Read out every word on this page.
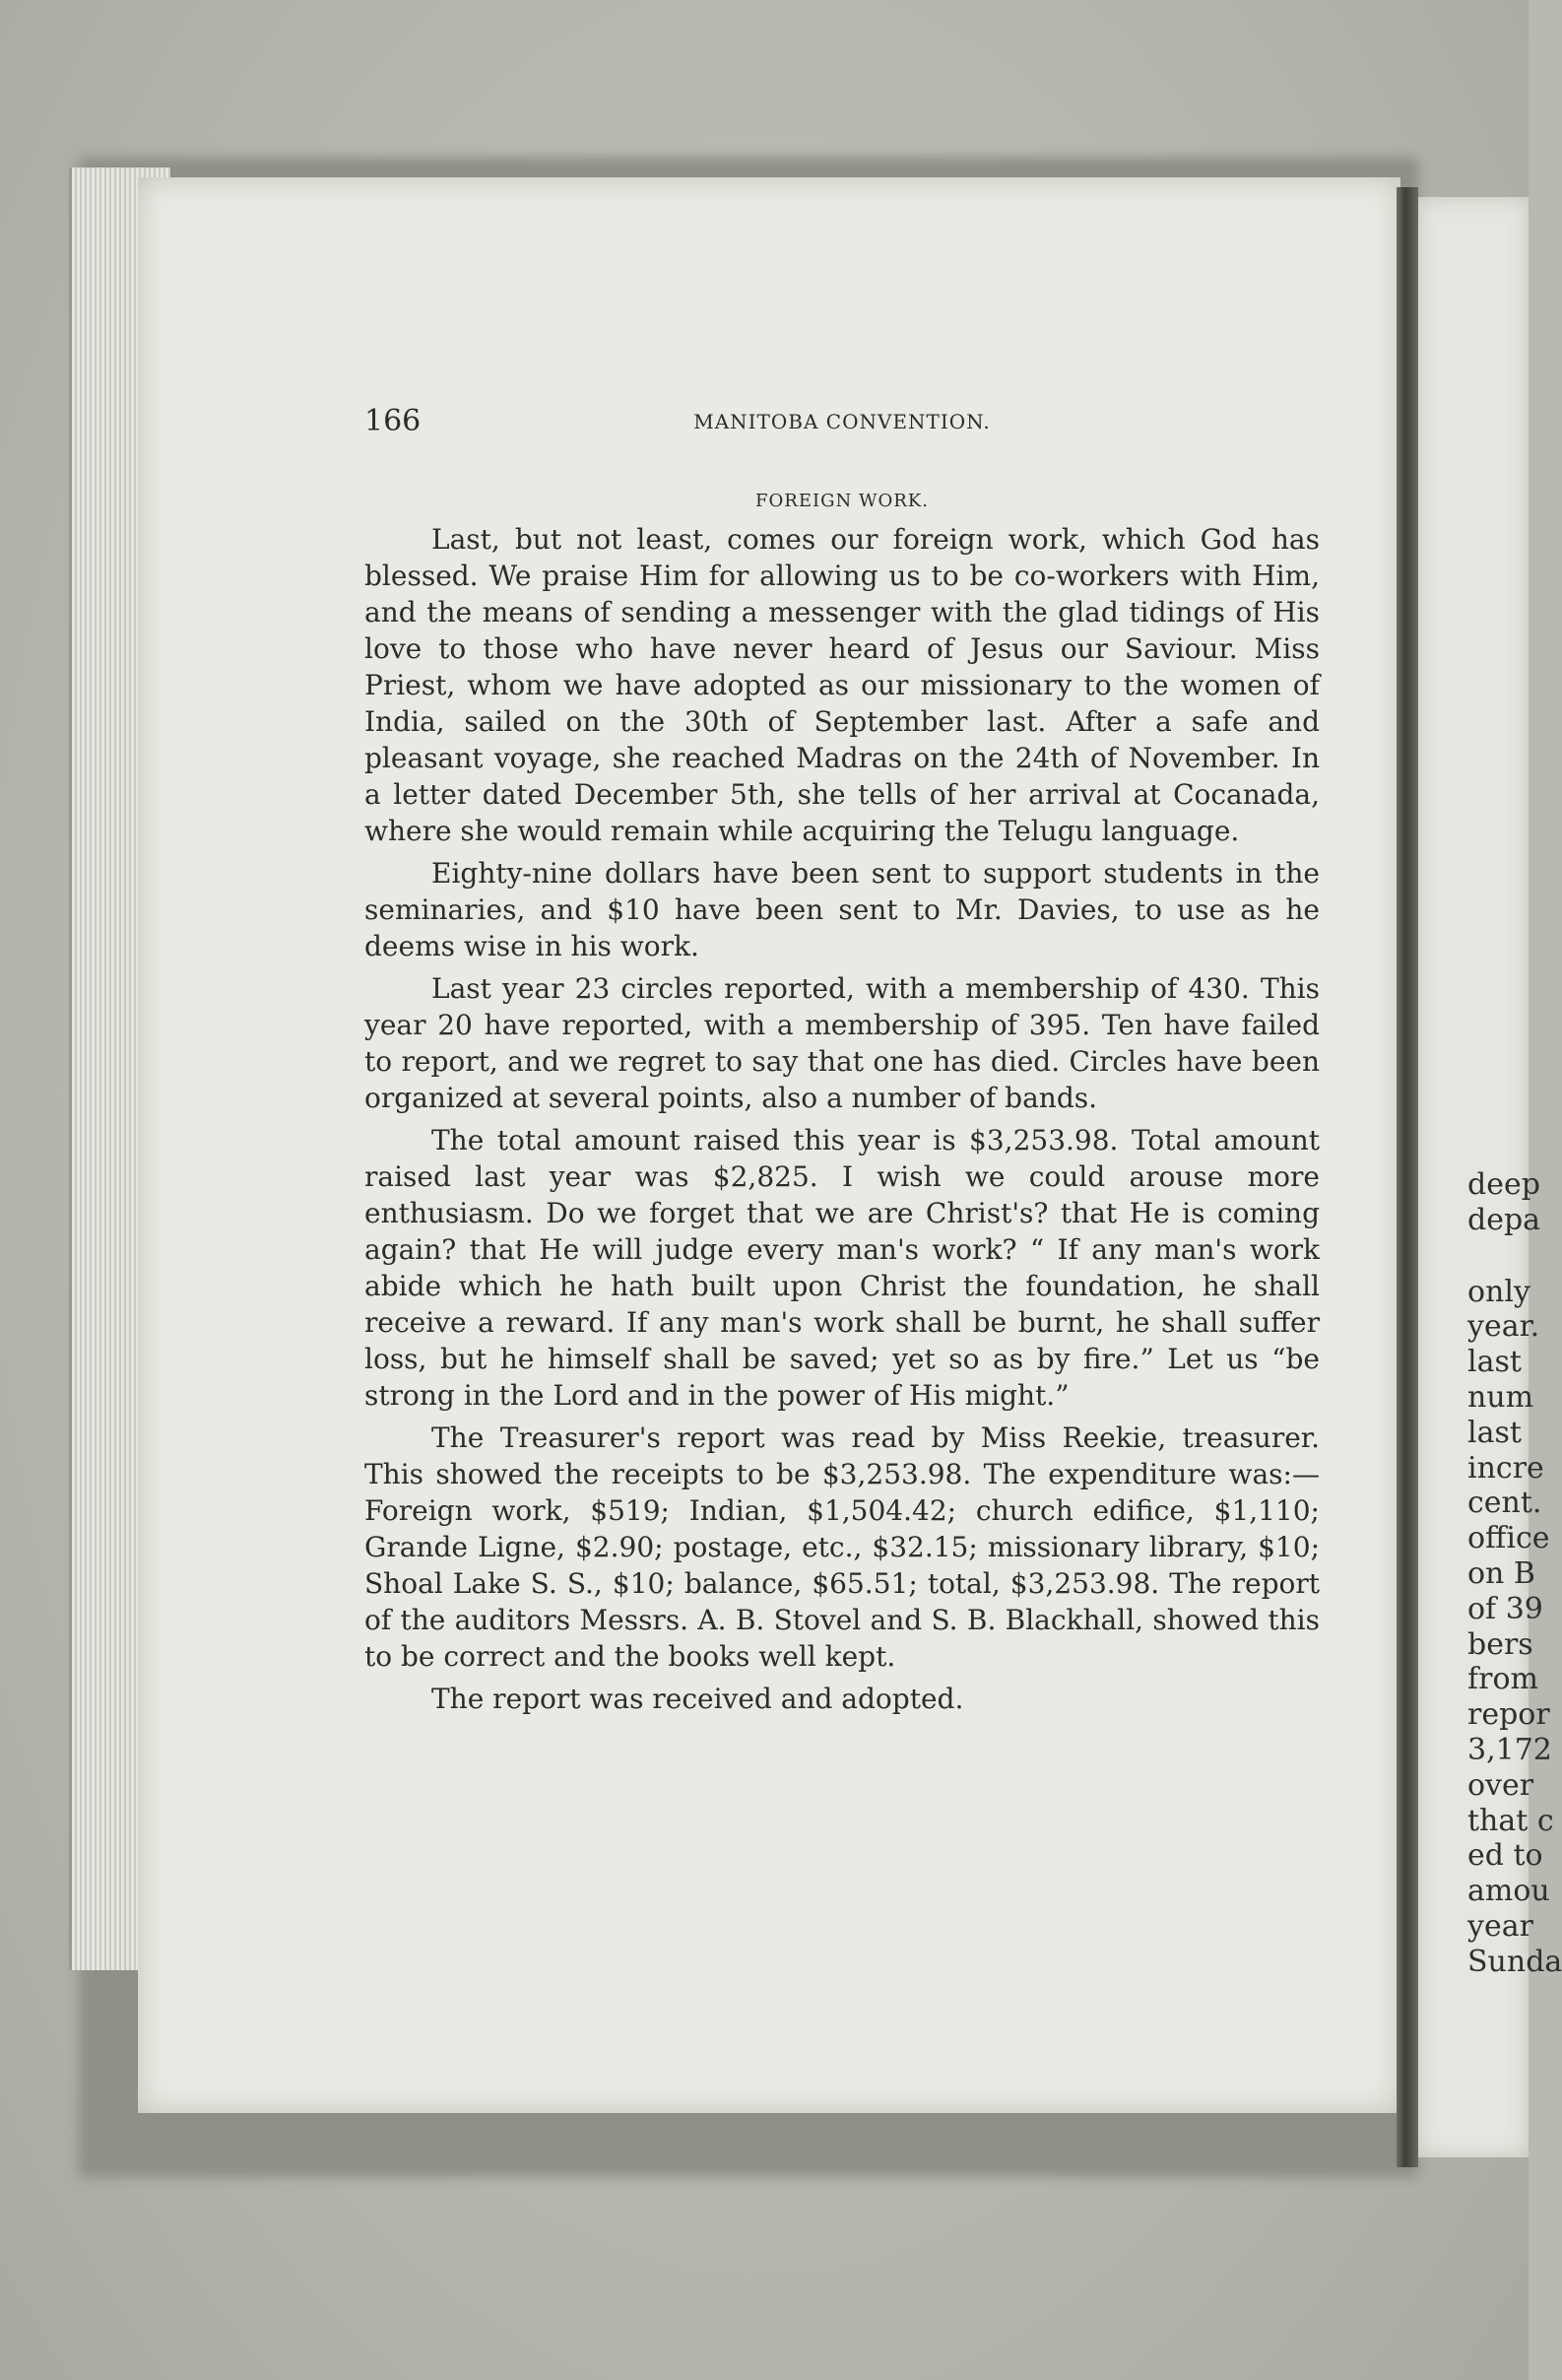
deep
depa
only
year.
last
num
last
incre
cent.
office
on B
of 39
bers
from
repor
3,172
over
that c
ed to
amou
year
Sunda
166	MANITOBA CONVENTION.
FOREIGN WORK.

Last, but not least, comes our foreign work, which God has blessed. We praise Him for allowing us to be co-workers with Him, and the means of sending a messenger with the glad tidings of His love to those who have never heard of Jesus our Saviour. Miss Priest, whom we have adopted as our missionary to the women of India, sailed on the 30th of September last. After a safe and pleasant voyage, she reached Madras on the 24th of November. In a letter dated December 5th, she tells of her arrival at Cocanada, where she would remain while acquiring the Telugu language.

Eighty-nine dollars have been sent to support students in the seminaries, and $10 have been sent to Mr. Davies, to use as he deems wise in his work.

Last year 23 circles reported, with a membership of 430. This year 20 have reported, with a membership of 395. Ten have failed to report, and we regret to say that one has died. Circles have been organized at several points, also a number of bands.

The total amount raised this year is $3,253.98. Total amount raised last year was $2,825. I wish we could arouse more enthusiasm. Do we forget that we are Christ's? that He is coming again? that He will judge every man's work? “ If any man's work abide which he hath built upon Christ the foundation, he shall receive a reward. If any man's work shall be burnt, he shall suffer loss, but he himself shall be saved; yet so as by fire.” Let us “be strong in the Lord and in the power of His might.”

The Treasurer's report was read by Miss Reekie, treasurer. This showed the receipts to be $3,253.98. The expenditure was:— Foreign work, $519; Indian, $1,504.42; church edifice, $1,110; Grande Ligne, $2.90; postage, etc., $32.15; missionary library, $10; Shoal Lake S. S., $10; balance, $65.51; total, $3,253.98. The report of the auditors Messrs. A. B. Stovel and S. B. Blackhall, showed this to be correct and the books well kept.

The report was received and adopted.
